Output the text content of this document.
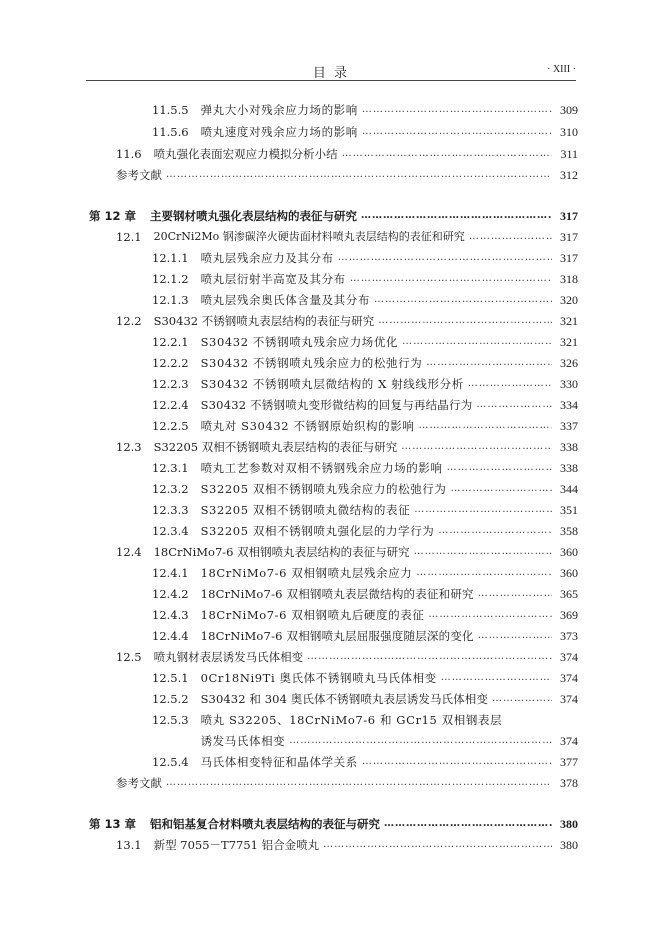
目 录	· XIII ·
11.5.5 弹丸大小对残余应力场的影响 ………………………………………………………………………………………………………………………………………………………………	309
11.5.6 喷丸速度对残余应力场的影响 ………………………………………………………………………………………………………………………………………………………………	310
11.6 喷丸强化表面宏观应力模拟分析小结 ………………………………………………………………………………………………………………………………………………………………	311
参考文献 ………………………………………………………………………………………………………………………………………………………………	312
第 12 章 主要钢材喷丸强化表层结构的表征与研究 ………………………………………………………………………………………………………………………………………………………………	317
12.1 20CrNi2Mo 钢渗碳淬火硬齿面材料喷丸表层结构的表征和研究 ………………………………………………………………………………………………………………………………………………………………	317
12.1.1 喷丸层残余应力及其分布 ………………………………………………………………………………………………………………………………………………………………	317
12.1.2 喷丸层衍射半高宽及其分布 ………………………………………………………………………………………………………………………………………………………………	318
12.1.3 喷丸层残余奥氏体含量及其分布 ………………………………………………………………………………………………………………………………………………………………	320
12.2 S30432 不锈钢喷丸表层结构的表征与研究 ………………………………………………………………………………………………………………………………………………………………	321
12.2.1 S30432 不锈钢喷丸残余应力场优化 ………………………………………………………………………………………………………………………………………………………………	321
12.2.2 S30432 不锈钢喷丸残余应力的松弛行为 ………………………………………………………………………………………………………………………………………………………………	326
12.2.3 S30432 不锈钢喷丸层微结构的 X 射线线形分析 ………………………………………………………………………………………………………………………………………………………………	330
12.2.4 S30432 不锈钢喷丸变形微结构的回复与再结晶行为 ………………………………………………………………………………………………………………………………………………………………	334
12.2.5 喷丸对 S30432 不锈钢原始织构的影响 ………………………………………………………………………………………………………………………………………………………………	337
12.3 S32205 双相不锈钢喷丸表层结构的表征与研究 ………………………………………………………………………………………………………………………………………………………………	338
12.3.1 喷丸工艺参数对双相不锈钢残余应力场的影响 ………………………………………………………………………………………………………………………………………………………………	338
12.3.2 S32205 双相不锈钢喷丸残余应力的松弛行为 ………………………………………………………………………………………………………………………………………………………………	344
12.3.3 S32205 双相不锈钢喷丸微结构的表征 ………………………………………………………………………………………………………………………………………………………………	351
12.3.4 S32205 双相不锈钢喷丸强化层的力学行为 ………………………………………………………………………………………………………………………………………………………………	358
12.4 18CrNiMo7-6 双相钢喷丸表层结构的表征与研究 ………………………………………………………………………………………………………………………………………………………………	360
12.4.1 18CrNiMo7-6 双相钢喷丸层残余应力 ………………………………………………………………………………………………………………………………………………………………	360
12.4.2 18CrNiMo7-6 双相钢喷丸表层微结构的表征和研究 ………………………………………………………………………………………………………………………………………………………………	365
12.4.3 18CrNiMo7-6 双相钢喷丸后硬度的表征 ………………………………………………………………………………………………………………………………………………………………	369
12.4.4 18CrNiMo7-6 双相钢喷丸层屈服强度随层深的变化 ………………………………………………………………………………………………………………………………………………………………	373
12.5 喷丸钢材表层诱发马氏体相变 ………………………………………………………………………………………………………………………………………………………………	374
12.5.1 0Cr18Ni9Ti 奥氏体不锈钢喷丸马氏体相变 ………………………………………………………………………………………………………………………………………………………………	374
12.5.2 S30432 和 304 奥氏体不锈钢喷丸表层诱发马氏体相变 ………………………………………………………………………………………………………………………………………………………………	374
12.5.3 喷丸 S32205、18CrNiMo7-6 和 GCr15 双相钢表层
诱发马氏体相变 ………………………………………………………………………………………………………………………………………………………………	374
12.5.4 马氏体相变特征和晶体学关系 ………………………………………………………………………………………………………………………………………………………………	377
参考文献 ………………………………………………………………………………………………………………………………………………………………	378
第 13 章 铝和铝基复合材料喷丸表层结构的表征与研究 ………………………………………………………………………………………………………………………………………………………………	380
13.1 新型 7055－T7751 铝合金喷丸 ………………………………………………………………………………………………………………………………………………………………	380
